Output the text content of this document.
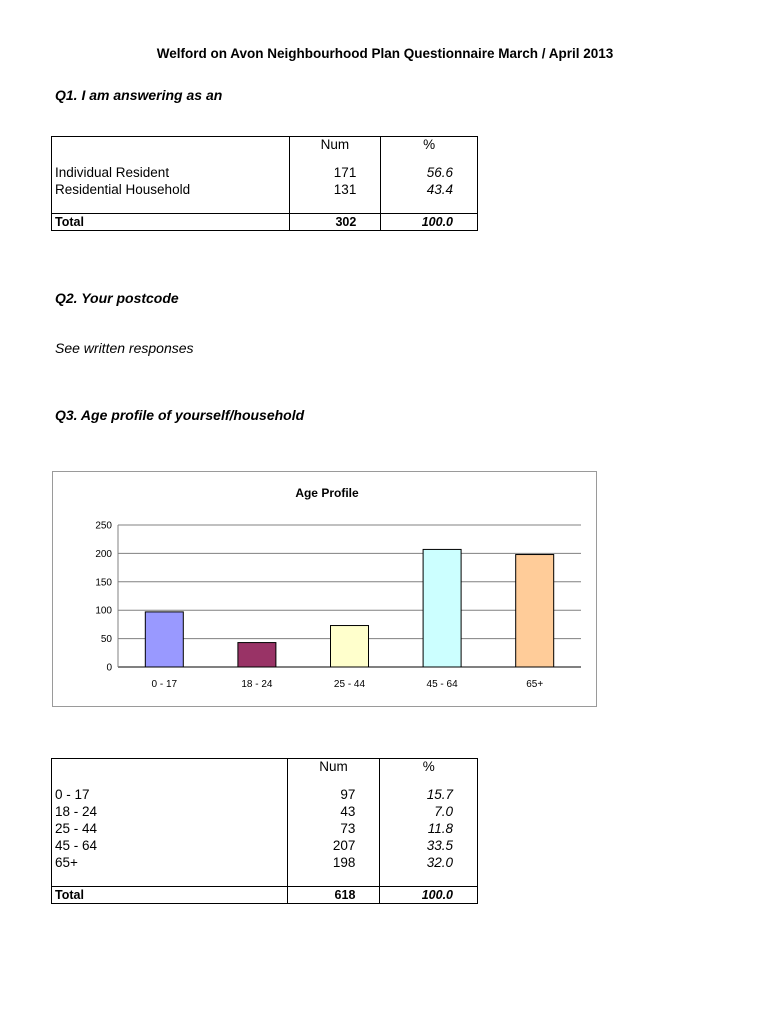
Welford on Avon Neighbourhood Plan Questionnaire March / April 2013
Q1. I am answering as an
	Num	%

Individual Resident	171	56.6
Residential Household	131	43.4

Total	302	100.0
Q2. Your postcode
See written responses
Q3. Age profile of yourself/household
Age Profile
0
50
100
150
200
250
0 - 17	18 - 24	25 - 44	45 - 64	65+
	Num	%

0 - 17	97	15.7
18 - 24	43	7.0
25 - 44	73	11.8
45 - 64	207	33.5
65+	198	32.0

Total	618	100.0
